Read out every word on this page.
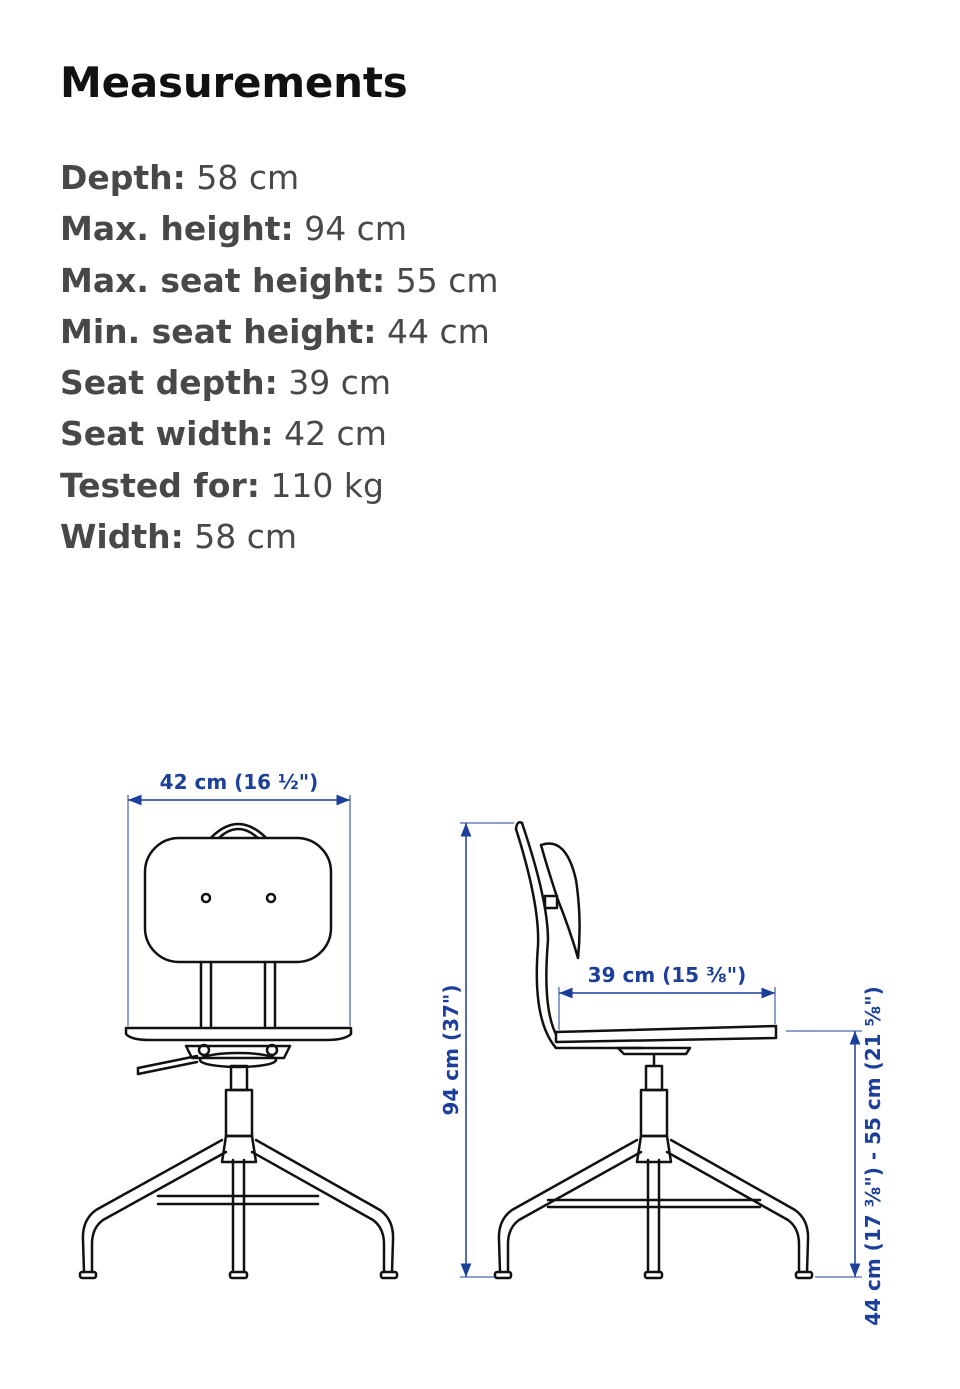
Measurements
Depth: 58 cm
Max. height: 94 cm
Max. seat height: 55 cm
Min. seat height: 44 cm
Seat depth: 39 cm
Seat width: 42 cm
Tested for: 110 kg
Width: 58 cm
42 cm (16 ½")
94 cm (37")
39 cm (15 ⅜")
44 cm (17 ⅜") - 55 cm (21 ⅝")
